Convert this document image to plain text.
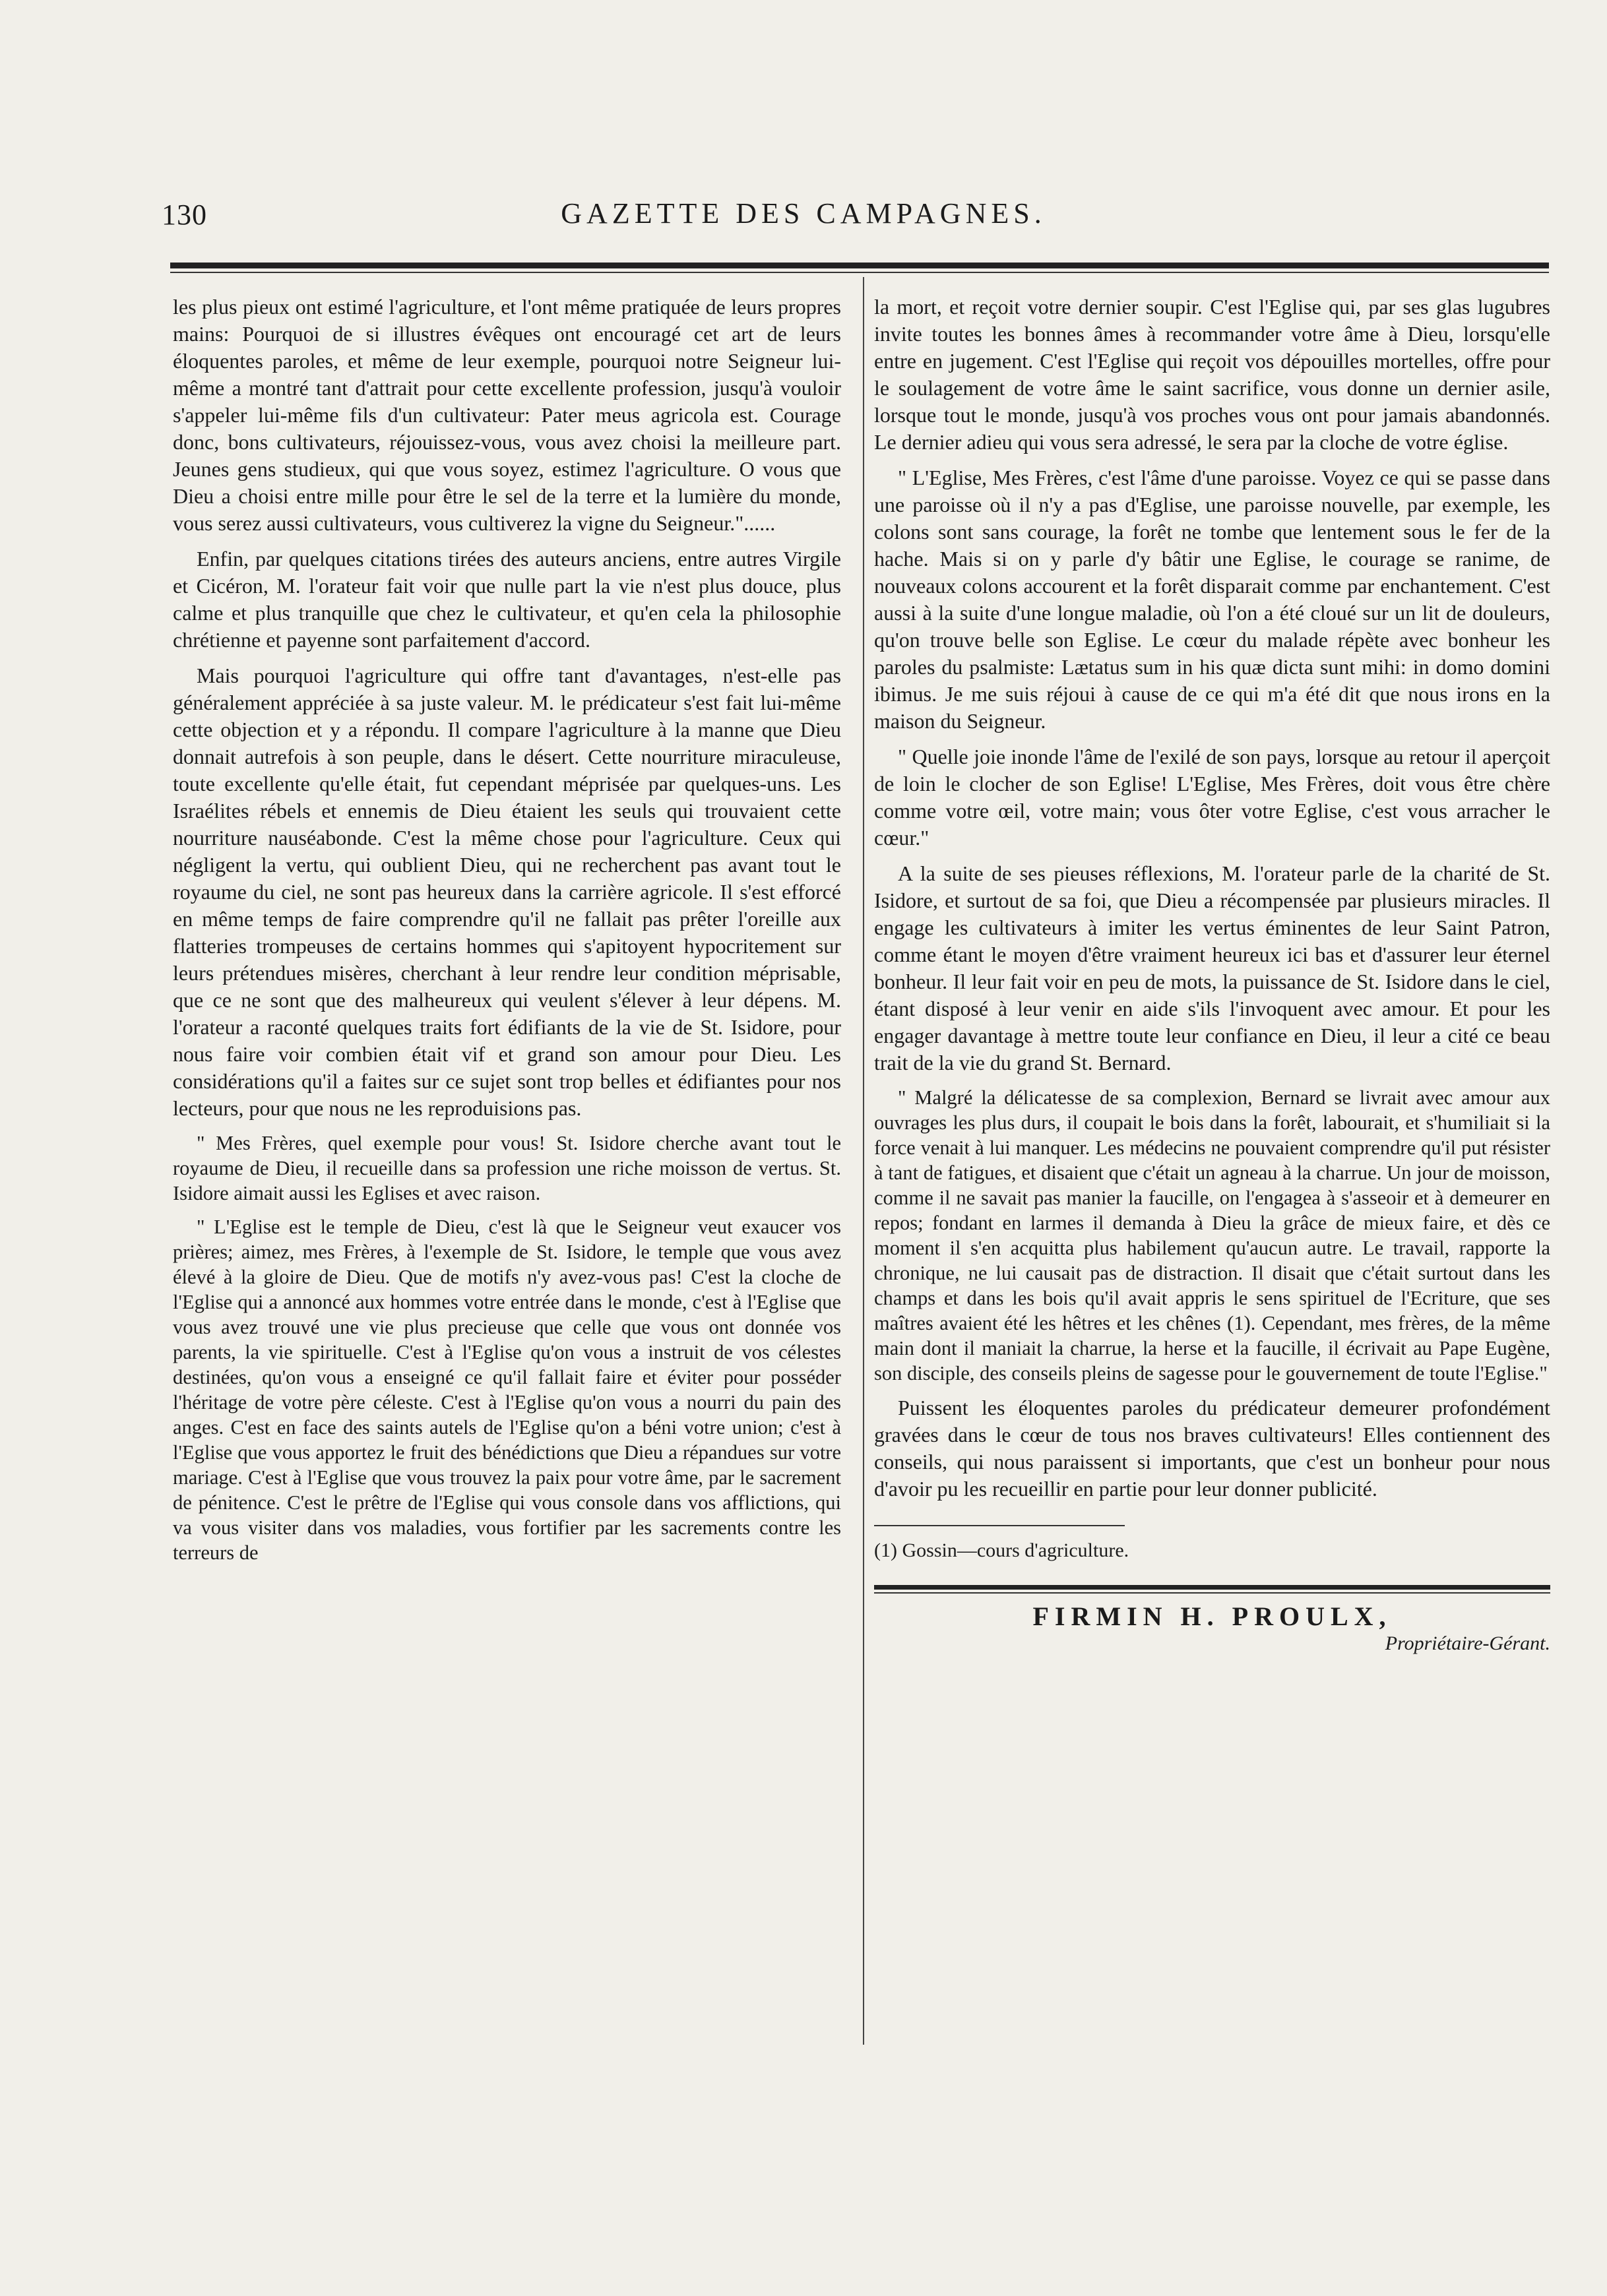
130	GAZETTE DES CAMPAGNES.

les plus pieux ont estimé l'agriculture, et l'ont même pratiquée de leurs propres mains: Pourquoi de si illustres évêques ont encouragé cet art de leurs éloquentes paroles, et même de leur exemple, pourquoi notre Seigneur lui-même a montré tant d'attrait pour cette excellente profession, jusqu'à vouloir s'appeler lui-même fils d'un cultivateur: Pater meus agricola est. Courage donc, bons cultivateurs, réjouissez-vous, vous avez choisi la meilleure part. Jeunes gens studieux, qui que vous soyez, estimez l'agriculture. O vous que Dieu a choisi entre mille pour être le sel de la terre et la lumière du monde, vous serez aussi cultivateurs, vous cultiverez la vigne du Seigneur."......

Enfin, par quelques citations tirées des auteurs anciens, entre autres Virgile et Cicéron, M. l'orateur fait voir que nulle part la vie n'est plus douce, plus calme et plus tranquille que chez le cultivateur, et qu'en cela la philosophie chrétienne et payenne sont parfaitement d'accord.

Mais pourquoi l'agriculture qui offre tant d'avantages, n'est-elle pas généralement appréciée à sa juste valeur. M. le prédicateur s'est fait lui-même cette objection et y a répondu. Il compare l'agriculture à la manne que Dieu donnait autrefois à son peuple, dans le désert. Cette nourriture miraculeuse, toute excellente qu'elle était, fut cependant méprisée par quelques-uns. Les Israélites rébels et ennemis de Dieu étaient les seuls qui trouvaient cette nourriture nauséabonde. C'est la même chose pour l'agriculture. Ceux qui négligent la vertu, qui oublient Dieu, qui ne recherchent pas avant tout le royaume du ciel, ne sont pas heureux dans la carrière agricole. Il s'est efforcé en même temps de faire comprendre qu'il ne fallait pas prêter l'oreille aux flatteries trompeuses de certains hommes qui s'apitoyent hypocritement sur leurs prétendues misères, cherchant à leur rendre leur condition méprisable, que ce ne sont que des malheureux qui veulent s'élever à leur dépens. M. l'orateur a raconté quelques traits fort édifiants de la vie de St. Isidore, pour nous faire voir combien était vif et grand son amour pour Dieu. Les considérations qu'il a faites sur ce sujet sont trop belles et édifiantes pour nos lecteurs, pour que nous ne les reproduisions pas.

" Mes Frères, quel exemple pour vous! St. Isidore cherche avant tout le royaume de Dieu, il recueille dans sa profession une riche moisson de vertus. St. Isidore aimait aussi les Eglises et avec raison.

" L'Eglise est le temple de Dieu, c'est là que le Seigneur veut exaucer vos prières; aimez, mes Frères, à l'exemple de St. Isidore, le temple que vous avez élevé à la gloire de Dieu. Que de motifs n'y avez-vous pas! C'est la cloche de l'Eglise qui a annoncé aux hommes votre entrée dans le monde, c'est à l'Eglise que vous avez trouvé une vie plus precieuse que celle que vous ont donnée vos parents, la vie spirituelle. C'est à l'Eglise qu'on vous a instruit de vos célestes destinées, qu'on vous a enseigné ce qu'il fallait faire et éviter pour posséder l'héritage de votre père céleste. C'est à l'Eglise qu'on vous a nourri du pain des anges. C'est en face des saints autels de l'Eglise qu'on a béni votre union; c'est à l'Eglise que vous apportez le fruit des bénédictions que Dieu a répandues sur votre mariage. C'est à l'Eglise que vous trouvez la paix pour votre âme, par le sacrement de pénitence. C'est le prêtre de l'Eglise qui vous console dans vos afflictions, qui va vous visiter dans vos maladies, vous fortifier par les sacrements contre les terreurs de

la mort, et reçoit votre dernier soupir. C'est l'Eglise qui, par ses glas lugubres invite toutes les bonnes âmes à recommander votre âme à Dieu, lorsqu'elle entre en jugement. C'est l'Eglise qui reçoit vos dépouilles mortelles, offre pour le soulagement de votre âme le saint sacrifice, vous donne un dernier asile, lorsque tout le monde, jusqu'à vos proches vous ont pour jamais abandonnés. Le dernier adieu qui vous sera adressé, le sera par la cloche de votre église.

" L'Eglise, Mes Frères, c'est l'âme d'une paroisse. Voyez ce qui se passe dans une paroisse où il n'y a pas d'Eglise, une paroisse nouvelle, par exemple, les colons sont sans courage, la forêt ne tombe que lentement sous le fer de la hache. Mais si on y parle d'y bâtir une Eglise, le courage se ranime, de nouveaux colons accourent et la forêt disparait comme par enchantement. C'est aussi à la suite d'une longue maladie, où l'on a été cloué sur un lit de douleurs, qu'on trouve belle son Eglise. Le cœur du malade répète avec bonheur les paroles du psalmiste: Lætatus sum in his quæ dicta sunt mihi: in domo domini ibimus. Je me suis réjoui à cause de ce qui m'a été dit que nous irons en la maison du Seigneur.

" Quelle joie inonde l'âme de l'exilé de son pays, lorsque au retour il aperçoit de loin le clocher de son Eglise! L'Eglise, Mes Frères, doit vous être chère comme votre œil, votre main; vous ôter votre Eglise, c'est vous arracher le cœur."

A la suite de ses pieuses réflexions, M. l'orateur parle de la charité de St. Isidore, et surtout de sa foi, que Dieu a récompensée par plusieurs miracles. Il engage les cultivateurs à imiter les vertus éminentes de leur Saint Patron, comme étant le moyen d'être vraiment heureux ici bas et d'assurer leur éternel bonheur. Il leur fait voir en peu de mots, la puissance de St. Isidore dans le ciel, étant disposé à leur venir en aide s'ils l'invoquent avec amour. Et pour les engager davantage à mettre toute leur confiance en Dieu, il leur a cité ce beau trait de la vie du grand St. Bernard.

" Malgré la délicatesse de sa complexion, Bernard se livrait avec amour aux ouvrages les plus durs, il coupait le bois dans la forêt, labourait, et s'humiliait si la force venait à lui manquer. Les médecins ne pouvaient comprendre qu'il put résister à tant de fatigues, et disaient que c'était un agneau à la charrue. Un jour de moisson, comme il ne savait pas manier la faucille, on l'engagea à s'asseoir et à demeurer en repos; fondant en larmes il demanda à Dieu la grâce de mieux faire, et dès ce moment il s'en acquitta plus habilement qu'aucun autre. Le travail, rapporte la chronique, ne lui causait pas de distraction. Il disait que c'était surtout dans les champs et dans les bois qu'il avait appris le sens spirituel de l'Ecriture, que ses maîtres avaient été les hêtres et les chênes (1). Cependant, mes frères, de la même main dont il maniait la charrue, la herse et la faucille, il écrivait au Pape Eugène, son disciple, des conseils pleins de sagesse pour le gouvernement de toute l'Eglise."

Puissent les éloquentes paroles du prédicateur demeurer profondément gravées dans le cœur de tous nos braves cultivateurs! Elles contiennent des conseils, qui nous paraissent si importants, que c'est un bonheur pour nous d'avoir pu les recueillir en partie pour leur donner publicité.

(1) Gossin—cours d'agriculture.

FIRMIN H. PROULX,
Propriétaire-Gérant.
